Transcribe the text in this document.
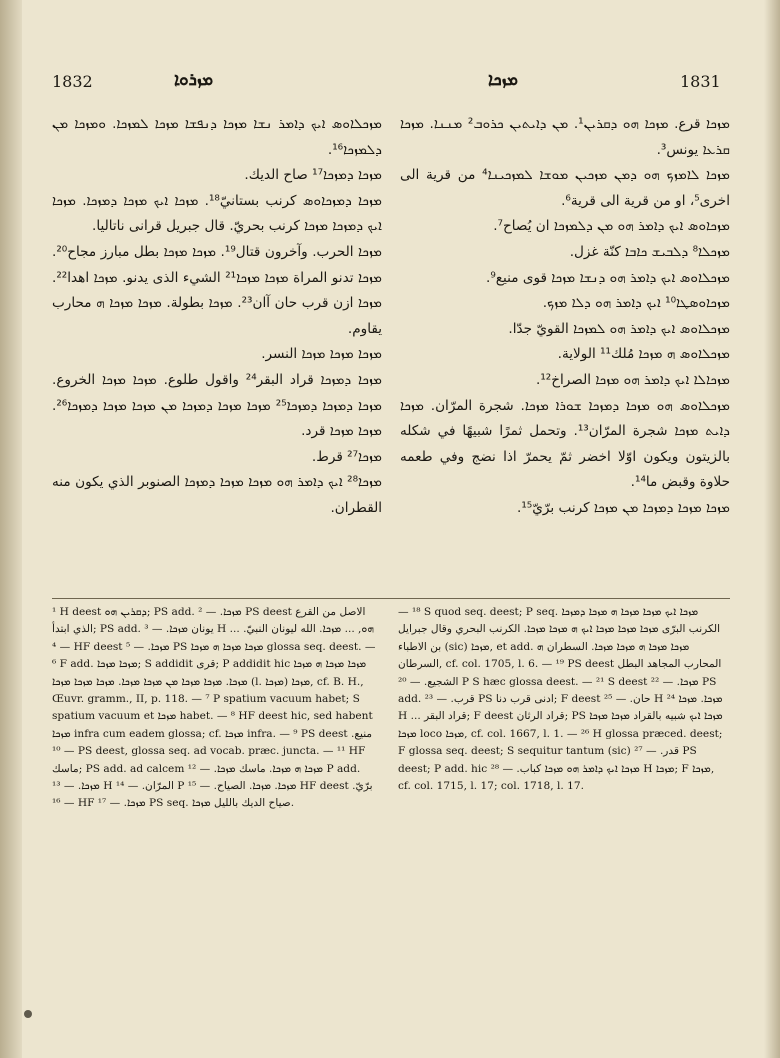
1832	ܡܙܪܘܐ	ܡܙܟܐ	1831

ܡܙܟܠܐܘܣ ܐܝܟ ܕܐܡܪ ܢܫܐ ܡܙܟܐ ܕܢܦܫܐ ܡܙܟܐ ܠܡܙܟܐ. ܘܡܙܟܐ ܡܢ ܕܠܡܙܟܐ¹⁶.

ܡܙܟܐ ܕܡܙܟܐ¹⁷ صاح الديك.

ܡܙܟܐ ܕܡܙܟܐܘܣ كرنب بستانيّ¹⁸. ܡܙܟܐ ܐܝܟ ܡܙܟܐ ܕܡܙܟܐ. ܡܙܟܐ ܐܝܟ ܕܡܙܟܐ ܡܙܟܐ كرنب بحريّ. قال جبريل قرانى ناتاليا.

ܡܙܟܐ الحرب. وآخرون قتال¹⁹. ܡܙܟܐ ܡܙܟܐ بطل مبارز مجاح²⁰. ܡܙܟܐ تدنو المراة ܡܙܟܐ ܡܙܟܐ²¹ الشيء الذى يدنو. ܡܙܟܐ اهدا²². ܡܙܟܐ ازن قرب حان آان²³. ܡܙܟܐ بطولة. ܡܙܟܐ ܡܙܟܐ ܗ محارب يقاوم.

ܡܙܟܐ ܡܙܟܐ ܡܙܟܐ النسر.

ܡܙܟܐ ܕܡܙܟܐ قراد البقر²⁴ واقول طلوع. ܡܙܟܐ ܡܙܟܐ الخروع. ܡܙܟܐ ܕܡܙܟܐ ܕܡܙܟܐ²⁵ ܡܙܟܐ ܡܙܟܐ ܕܡܙܟܐ ܡܢ ܡܙܟܐ ܡܙܟܐ ܕܡܙܟܐ²⁶. ܡܙܟܐ ܡܙܟܐ قرد.

ܡܙܟܐ²⁷ قرط.

ܡܙܟܐ²⁸ ܐܝܟ ܕܐܡܪ ܗܘ ܡܙܟܐ ܡܙܟܐ ܕܡܙܟܐ الصنوبر الذي يكون منه القطران.

ܡܙܟܐ قرع. ܡܙܟܐ ܗܘ ܕܩܪܝܢ¹. ܡܢ ܕܐܝܬܝܢ ܟܪܘܒ² ܡܢܢܐ. ܡܙܟܐ ܩܪܥܐ يونس³.

ܡܙܟܐ ܠܐܡܙܟ ܗܘ ܕܡܢ ܡܙܟܝܢ ܡܘܫܐ ܠܡܙܟܝܢܐ⁴ من قرية الى اخرى⁵، او من قرية الى قرية⁶.

ܡܙܟܐܘܣ ܐܝܟ ܕܐܡܪ ܗܘ ܡܢ ܕܠܡܙܟܐ ان يُصاح⁷.

ܡܙܟܠܐ⁸ ܕܠܒܝܫ ܟܐܒܐ كنّة غزل.

ܡܙܟܠܐܘܣ ܐܝܟ ܕܐܡܪ ܗܘ ܕܢܫܐ ܡܙܟܐ قوى منيع⁹.

ܡܙܟܐܘܣܛܐ¹⁰ ܐܝܟ ܕܐܡܪ ܗܘ ܕܠܐ ܡܙܟ.

ܡܙܟܠܐܘܣ ܐܝܟ ܕܐܡܪ ܗܘ ܠܡܙܟܐ القويّ جدّا.

ܡܙܟܠܐܘܣ ܗ ܡܙܟܐ مُلك¹¹ الولاية.

ܡܙܟܐܠܐ ܐܝܟ ܕܐܡܪ ܗܘ ܡܙܟܐ الصراخ¹².

ܡܙܟܠܐܘܣ ܗܘ ܡܙܟܐ ܕܡܙܟܐ ܫܘܪܐ ܡܙܟܐ. شجرة المرّان. ܡܙܟܐ ܕܐܝܬ ܡܙܟܐ شجرة المرّان¹³. وتحمل ثمرًا شبيهًا في شكله بالزيتون ويكون اوّلا اخضر ثمّ يحمرّ اذا نضج وفي طعمه حلاوة وقبض ما¹⁴.

ܡܙܟܐ ܡܙܟܐ ܕܡܙܟܐ ܡܢ ܡܙܟܐ كرنب برّيّ¹⁵.

¹ H deest ܕܩܪܝܢ ܗܘ; PS add. ܡܙܟܐ. — ² PS deest الاصل من القرع الذي ابتدأ; PS add. يونان ܡܙܟܐ. — ³ H ... ܗܘ, ... ܡܙܟܐ. الله ليونان النبيّ. — ⁴ HF deest ܡܙܟܐ. — ⁵ PS ܡܙܟܐ ܡܙܟܐ ܗ ܡܙܟܐ glossa seq. deest. — ⁶ F add. ܡܙܟܐ ܡܙܟܐ; S addidit قرى; P addidit hic ܡܙܟܐ ܡܙܟܐ ܗ ܡܙܟܐ ܡܙܟܐ. ܡܙܟܐ ܡܙܟܐ ܡܢ ܡܙܟܐ ܡܙܟܐ. ܡܙܟܐ ܡܙܟܐ ܡܙܟܐ (l. ܡܙܟܐ) ܡܙܟܐ, cf. B. H., Œuvr. gramm., II, p. 118. — ⁷ P spatium vacuum habet; S spatium vacuum et ܡܙܟܐ habet. — ⁸ HF deest hic, sed habent ܡܙܟܐ infra cum eadem glossa; cf. ܡܙܟܐ infra. — ⁹ PS deest منيع. — ¹⁰ PS deest, glossa seq. ad vocab. præc. juncta. — ¹¹ HF ماسك; PS add. ad calcem ܡܙܟܐ ܗ ܡܙܟܐ. ماسك ܡܙܟܐ. — ¹² P add. ܡܙܟܐ. — ¹³ H المرّان. — ¹⁴ P ܡܙܟܐ. ܡܙܟܐ. الصياح. — ¹⁵ HF deest برّيّ. — ¹⁶ HF ܡܙܟܐ. — ¹⁷ PS seq. صياح الديك بالليل ܡܙܟܐ.

— ¹⁸ S quod seq. deest; P seq. ܡܙܟܐ ܐܝܟ ܡܙܟܐ ܡܙܟܐ ܗ ܡܙܟܐ ܕܡܙܟܐ الكرنب البرّى ܡܙܟܐ ܡܙܟܐ ܡܙܟܐ ܐܝܟ ܗ ܡܙܟܐ ܡܙܟܐ. الكرنب البحري وقال جبرايل بن الاطباء (sic) ܡܙܟܐ, et add. ܡܙܟܐ ܡܙܟܐ ܗ ܡܙܟܐ ܡܙܟܐ. السطران ܗ السرطان, cf. col. 1705, l. 6. — ¹⁹ PS deest المحارب المجاهد البطل الشجيع. — ²⁰ P S hæc glossa deest. — ²¹ S deest ܡܙܟܐ. — ²² PS add. قرب. — ²³ PS ادنى قرب دنا; F deest حان. — ²⁵ H ܡܙܟܐ. ܡܙܟܐ ²⁴ H ... قراد البقر; F deest قراد الرثان; PS ܡܙܟܐ ܐܝܟ شبيه بالقراد ܡܙܟܐ ܡܙܟܐ ܡܙܟܐ loco ܡܙܟܐ, cf. col. 1667, l. 1. — ²⁶ H glossa præced. deest; F glossa seq. deest; S sequitur tantum (sic) قدر. — ²⁷ PS deest; P add. hic ܡܙܟܐ ܐܝܟ ܕܐܡܪ ܗܘ ܡܙܟܐ كباب. — ²⁸ H ܡܙܟܐ; F ܡܙܟܐ, cf. col. 1715, l. 17; col. 1718, l. 17.
